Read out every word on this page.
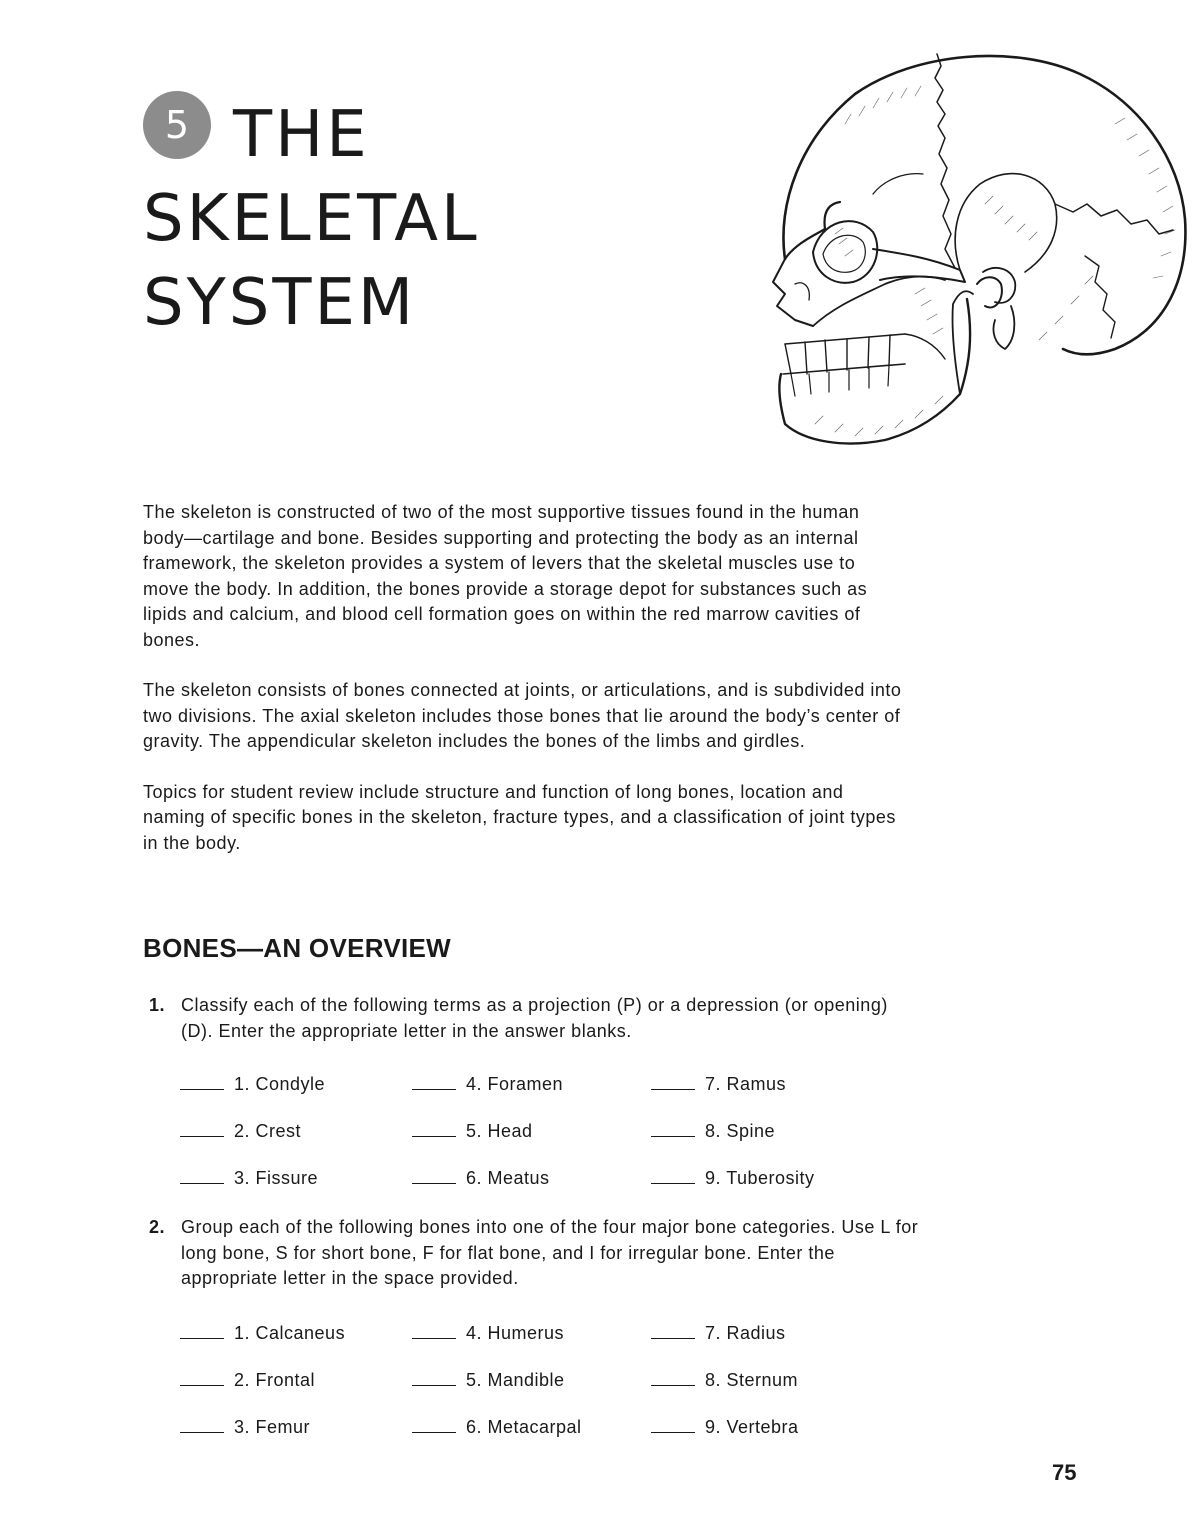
5 THE SKELETAL
SYSTEM

The skeleton is constructed of two of the most supportive tissues found in the human body—cartilage and bone. Besides supporting and protecting the body as an internal framework, the skeleton provides a system of levers that the skeletal muscles use to move the body. In addition, the bones provide a storage depot for substances such as lipids and calcium, and blood cell formation goes on within the red marrow cavities of bones.

The skeleton consists of bones connected at joints, or articulations, and is subdivided into two divisions. The axial skeleton includes those bones that lie around the body’s center of gravity. The appendicular skeleton includes the bones of the limbs and girdles.

Topics for student review include structure and function of long bones, location and naming of specific bones in the skeleton, fracture types, and a classification of joint types in the body.

BONES—AN OVERVIEW
1. Classify each of the following terms as a projection (P) or a depression (or opening) (D). Enter the appropriate letter in the answer blanks.
1. Condyle	4. Foramen	7. Ramus
2. Crest	5. Head	8. Spine
3. Fissure	6. Meatus	9. Tuberosity
2. Group each of the following bones into one of the four major bone categories. Use L for long bone, S for short bone, F for flat bone, and I for irregular bone. Enter the appropriate letter in the space provided.
1. Calcaneus	4. Humerus	7. Radius
2. Frontal	5. Mandible	8. Sternum
3. Femur	6. Metacarpal	9. Vertebra
75
